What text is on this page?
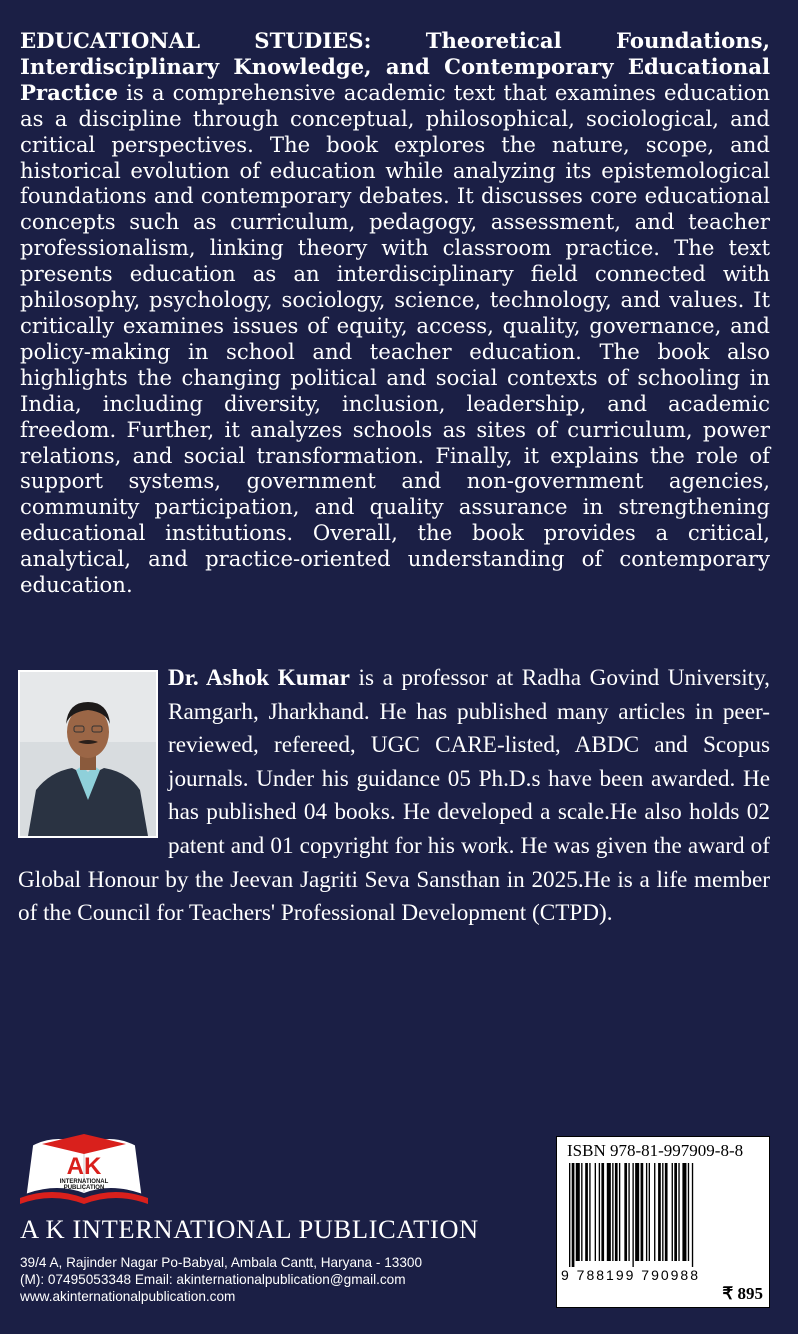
EDUCATIONAL STUDIES: Theoretical Foundations, Interdisciplinary Knowledge, and Contemporary Educational Practice is a comprehensive academic text that examines education as a discipline through conceptual, philosophical, sociological, and critical perspectives. The book explores the nature, scope, and historical evolution of education while analyzing its epistemological foundations and contemporary debates. It discusses core educational concepts such as curriculum, pedagogy, assessment, and teacher professionalism, linking theory with classroom practice. The text presents education as an interdisciplinary field connected with philosophy, psychology, sociology, science, technology, and values. It critically examines issues of equity, access, quality, governance, and policy-making in school and teacher education. The book also highlights the changing political and social contexts of schooling in India, including diversity, inclusion, leadership, and academic freedom. Further, it analyzes schools as sites of curriculum, power relations, and social transformation. Finally, it explains the role of support systems, government and non-government agencies, community participation, and quality assurance in strengthening educational institutions. Overall, the book provides a critical, analytical, and practice-oriented understanding of contemporary education.
Dr. Ashok Kumar is a professor at Radha Govind University, Ramgarh, Jharkhand. He has published many articles in peer-reviewed, refereed, UGC CARE-listed, ABDC and Scopus journals. Under his guidance 05 Ph.D.s have been awarded. He has published 04 books. He developed a scale.He also holds 02 patent and 01 copyright for his work. He was given the award of Global Honour by the Jeevan Jagriti Seva Sansthan in 2025.He is a life member of the Council for Teachers' Professional Development (CTPD).
AK
INTERNATIONAL
PUBLICATION
A K INTERNATIONAL PUBLICATION
39/4 A, Rajinder Nagar Po-Babyal, Ambala Cantt, Haryana - 13300
(M): 07495053348 Email: akinternationalpublication@gmail.com
www.akinternationalpublication.com
ISBN 978-81-997909-8-8
9 788199 790988
₹ 895
